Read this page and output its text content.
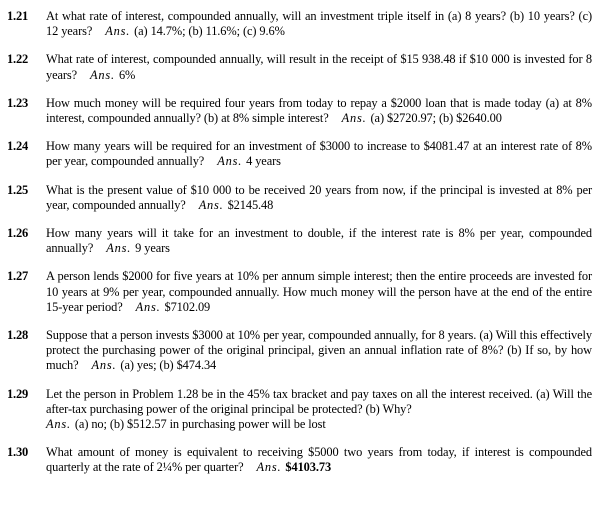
1.21	At what rate of interest, compounded annually, will an investment triple itself in (a) 8 years? (b) 10 years? (c) 12 years? Ans. (a) 14.7%; (b) 11.6%; (c) 9.6%
1.22	What rate of interest, compounded annually, will result in the receipt of $15 938.48 if $10 000 is invested for 8 years? Ans. 6%
1.23	How much money will be required four years from today to repay a $2000 loan that is made today (a) at 8% interest, compounded annually? (b) at 8% simple interest? Ans. (a) $2720.97; (b) $2640.00
1.24	How many years will be required for an investment of $3000 to increase to $4081.47 at an interest rate of 8% per year, compounded annually? Ans. 4 years
1.25	What is the present value of $10 000 to be received 20 years from now, if the principal is invested at 8% per year, compounded annually? Ans. $2145.48
1.26	How many years will it take for an investment to double, if the interest rate is 8% per year, compounded annually? Ans. 9 years
1.27	A person lends $2000 for five years at 10% per annum simple interest; then the entire proceeds are invested for 10 years at 9% per year, compounded annually. How much money will the person have at the end of the entire 15-year period? Ans. $7102.09
1.28	Suppose that a person invests $3000 at 10% per year, compounded annually, for 8 years. (a) Will this effectively protect the purchasing power of the original principal, given an annual inflation rate of 8%? (b) If so, by how much? Ans. (a) yes; (b) $474.34
1.29	Let the person in Problem 1.28 be in the 45% tax bracket and pay taxes on all the interest received. (a) Will the after-tax purchasing power of the original principal be protected? (b) Why?
Ans. (a) no; (b) $512.57 in purchasing power will be lost
1.30	What amount of money is equivalent to receiving $5000 two years from today, if interest is compounded quarterly at the rate of 2¼% per quarter? Ans. $4103.73
